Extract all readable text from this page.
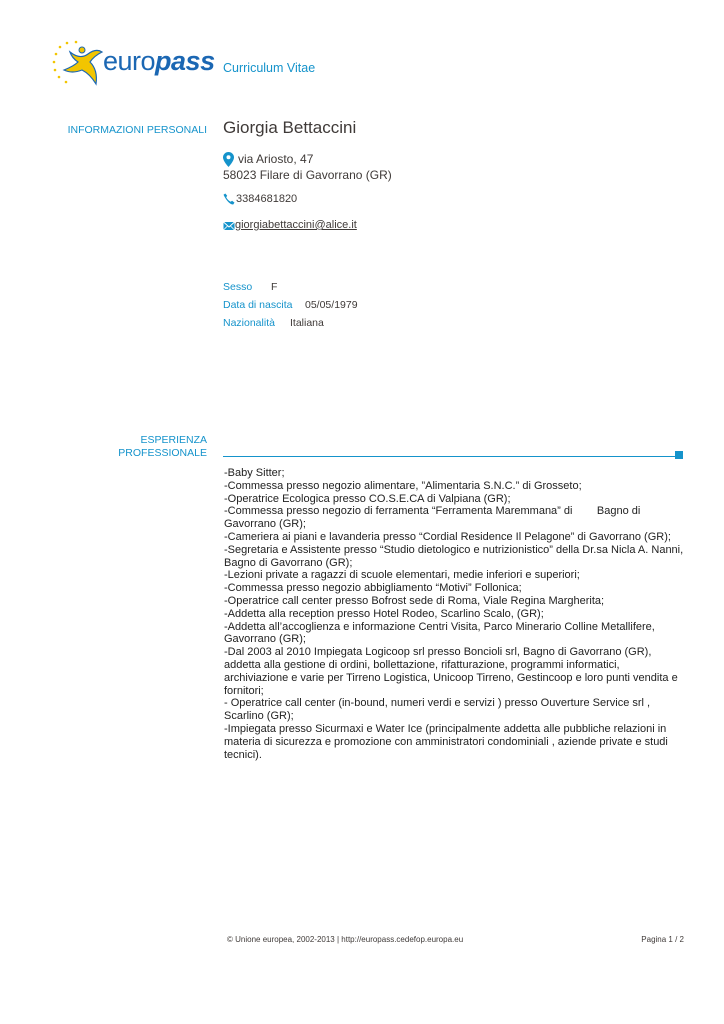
europass Curriculum Vitae
INFORMAZIONI PERSONALI Giorgia Bettaccini
via Ariosto, 47
58023 Filare di Gavorrano (GR)
3384681820
giorgiabettaccini@alice.it
Sesso	F
Data di nascita	05/05/1979
Nazionalità	Italiana
ESPERIENZA
PROFESSIONALE
-Baby Sitter;
-Commessa presso negozio alimentare, ”Alimentaria S.N.C.” di Grosseto;
-Operatrice Ecologica presso CO.S.E.CA di Valpiana (GR);
-Commessa presso negozio di ferramenta “Ferramenta Maremmana” di        Bagno di Gavorrano (GR);
-Cameriera ai piani e lavanderia presso “Cordial Residence Il Pelagone” di Gavorrano (GR);
-Segretaria e Assistente presso “Studio dietologico e nutrizionistico” della Dr.sa Nicla A. Nanni, Bagno di Gavorrano (GR);
-Lezioni private a ragazzi di scuole elementari, medie inferiori e superiori;
-Commessa presso negozio abbigliamento “Motivi” Follonica;
-Operatrice call center presso Bofrost sede di Roma, Viale Regina Margherita;
-Addetta alla reception presso Hotel Rodeo, Scarlino Scalo, (GR);
-Addetta all’accoglienza e informazione Centri Visita, Parco Minerario Colline Metallifere, Gavorrano (GR);
-Dal 2003 al 2010 Impiegata Logicoop srl presso Boncioli srl, Bagno di Gavorrano (GR), addetta alla gestione di ordini, bollettazione, rifatturazione, programmi informatici, archiviazione e varie per Tirreno Logistica, Unicoop Tirreno, Gestincoop e loro punti vendita e fornitori;
- Operatrice call center (in-bound, numeri verdi e servizi ) presso Ouverture Service srl , Scarlino (GR);
-Impiegata presso Sicurmaxi e Water Ice (principalmente addetta alle pubbliche relazioni in materia di sicurezza e promozione con amministratori condominiali , aziende private e studi tecnici).
© Unione europea, 2002-2013 | http://europass.cedefop.europa.eu	Pagina 1 / 2
